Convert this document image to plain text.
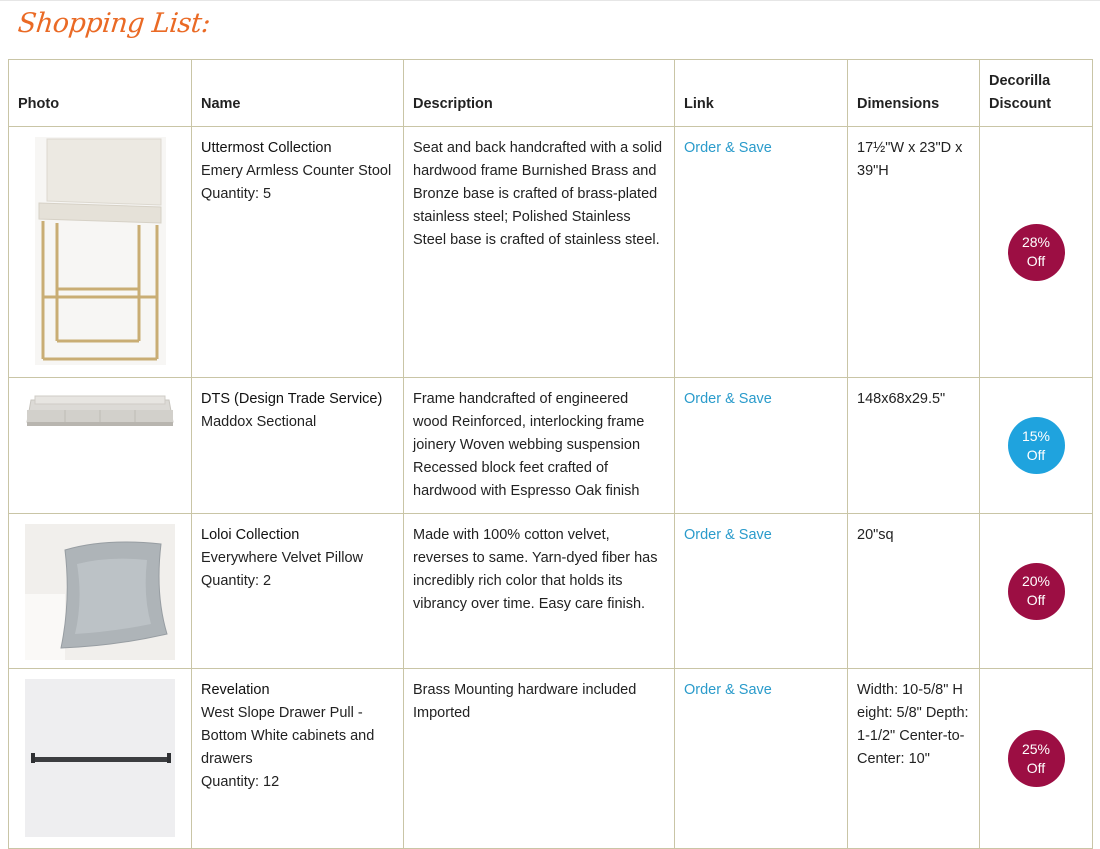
Shopping List:
Photo	Name	Description	Link	Dimensions	Decorilla
Discount

Uttermost Collection
Emery Armless Counter Stool
Quantity: 5	Seat and back handcrafted with a solid hardwood frame Burnished Brass and Bronze base is crafted of brass-plated stainless steel; Polished Stainless Steel base is crafted of stainless steel.	Order & Save	17½"W x 23"D x 39"H	28%
Off

DTS (Design Trade Service)
Maddox Sectional	Frame handcrafted of engineered wood Reinforced, interlocking frame joinery Woven webbing suspension Recessed block feet crafted of hardwood with Espresso Oak finish	Order & Save	148x68x29.5"	15%
Off

Loloi Collection
Everywhere Velvet Pillow
Quantity: 2	Made with 100% cotton velvet, reverses to same. Yarn-dyed fiber has incredibly rich color that holds its vibrancy over time. Easy care finish.	Order & Save	20"sq	20%
Off

Revelation
West Slope Drawer Pull - Bottom White cabinets and drawers
Quantity: 12	Brass Mounting hardware included Imported	Order & Save	Width: 10-5/8" Height: 5/8" Depth: 1-1/2" Center-to-Center: 10"	25%
Off
